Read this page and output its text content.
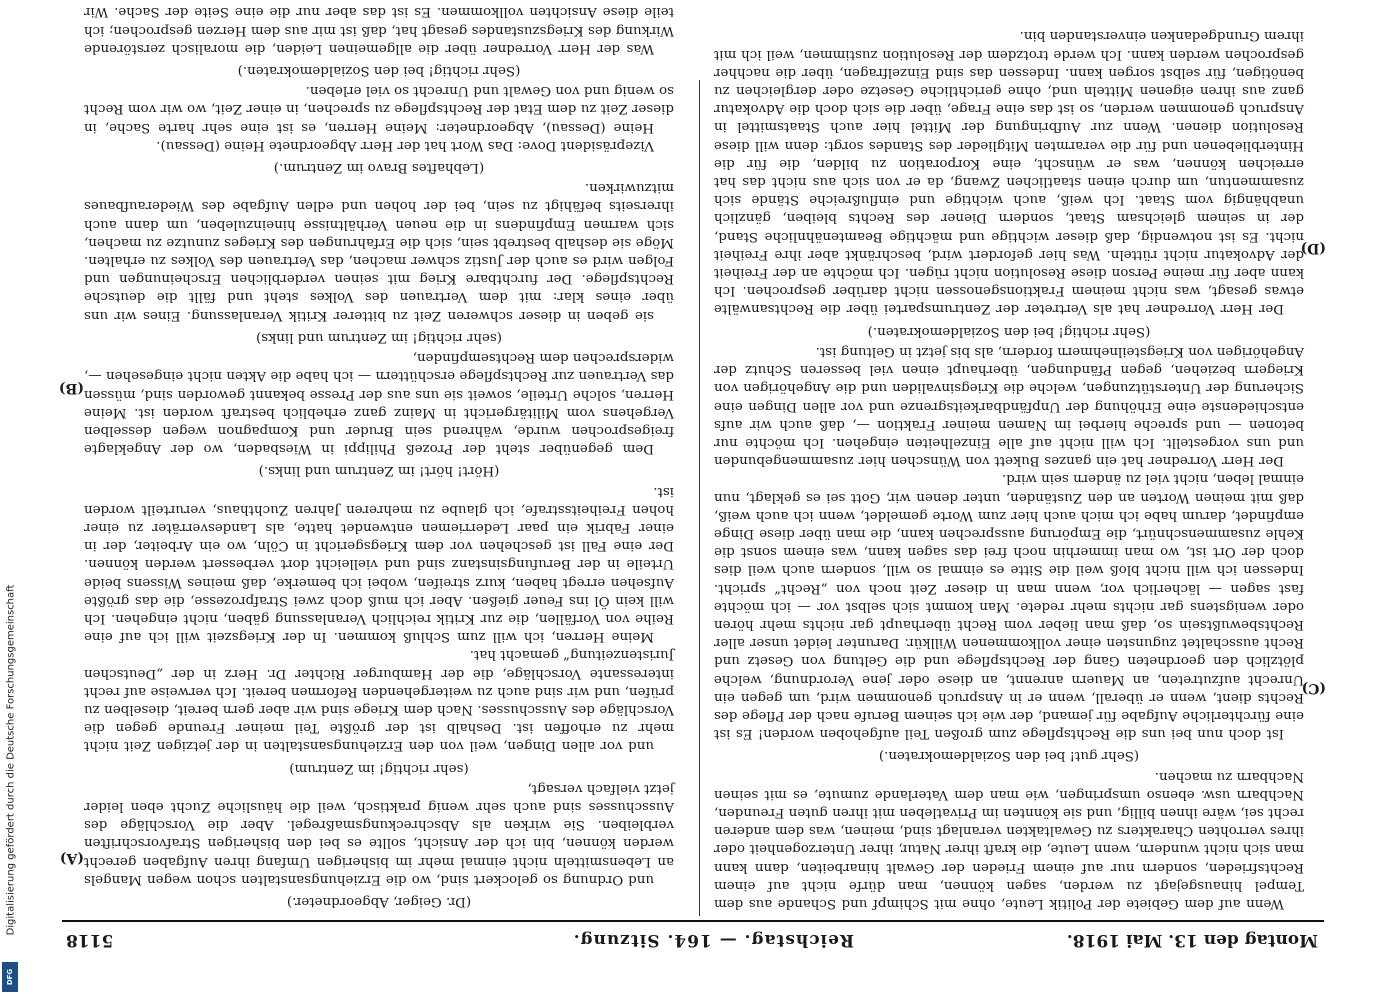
Digitalisierung gefördert durch die Deutsche Forschungsgemeinschaft
DFG
Montag den 13. Mai 1918.
Reichstag. — 164. Sitzung.
5118
(C)
(D)
(A)
(B)

Wenn auf dem Gebiete der Politik Leute, ohne mit Schimpf und Schande aus dem Tempel hinausgejagt zu werden, sagen können, man dürfe nicht auf einem Rechtsfrieden, sondern nur auf einem Frieden der Gewalt hinarbeiten, dann kann man sich nicht wundern, wenn Leute, die kraft ihrer Natur, ihrer Unterzogenheit oder ihres verrohten Charakters zu Gewaltakten veranlagt sind, meinen, was dem anderen recht sei, wäre ihnen billig, und sie könnten im Privatleben mit ihren guten Freunden, Nachbarn usw. ebenso umspringen, wie man dem Vaterlande zumute, es mit seinen Nachbarn zu machen.

(Sehr gut! bei den Sozialdemokraten.)

Ist doch nun bei uns die Rechtspflege zum großen Teil aufgehoben worden! Es ist eine fürchterliche Aufgabe für jemand, der wie ich seinem Berufe nach der Pflege des Rechts dient, wenn er überall, wenn er in Anspruch genommen wird, um gegen ein Unrecht aufzutreten, an Mauern anrennt, an diese oder jene Verordnung, welche plötzlich den geordneten Gang der Rechtspflege und die Geltung von Gesetz und Recht ausschaltet zugunsten einer vollkommenen Willkür. Darunter leidet unser aller Rechtsbewußtsein so, daß man lieber vom Recht überhaupt gar nichts mehr hören oder wenigstens gar nichts mehr redete. Man kommt sich selbst vor — ich möchte fast sagen — lächerlich vor, wenn man in dieser Zeit noch von „Recht“ spricht. Indessen ich will nicht bloß weil die Sitte es einmal so will, sondern auch weil dies doch der Ort ist, wo man immerhin noch frei das sagen kann, was einem sonst die Kehle zusammenschnürt, die Empörung aussprechen kann, die man über diese Dinge empfindet, darum habe ich mich auch hier zum Worte gemeldet, wenn ich auch weiß, daß mit meinen Worten an den Zuständen, unter denen wir, Gott sei es geklagt, nun einmal leben, nicht viel zu ändern sein wird.

Der Herr Vorredner hat ein ganzes Bukett von Wünschen hier zusammengebunden und uns vorgestellt. Ich will nicht auf alle Einzelheiten eingehen. Ich möchte nur betonen — und spreche hierbei im Namen meiner Fraktion —, daß auch wir aufs entschiedenste eine Erhöhung der Unpfändbarkeitsgrenze und vor allen Dingen eine Sicherung der Unterstützungen, welche die Kriegsinvaliden und die Angehörigen von Kriegern beziehen, gegen Pfändungen, überhaupt einen viel besseren Schutz der Angehörigen von Kriegsteilnehmern fordern, als bis jetzt in Geltung ist.

(Sehr richtig! bei den Sozialdemokraten.)

Der Herr Vorredner hat als Vertreter der Zentrumspartei über die Rechtsanwälte etwas gesagt, was nicht meinem Fraktionsgenossen nicht darüber gesprochen. Ich kann aber für meine Person diese Resolution nicht rügen. Ich möchte an der Freiheit der Advokatur nicht rütteln. Was hier gefordert wird, beschränkt aber ihre Freiheit nicht. Es ist notwendig, daß dieser wichtige und mächtige Beamtenähnliche Stand, der in seinem gleichsam Staat, sondern Diener des Rechts bleiben, gänzlich unabhängig vom Staat. Ich weiß, auch wichtige und einflußreiche Stände sich zusammentun, um durch einen staatlichen Zwang, da er von sich aus nicht das hat erreichen können, was er wünscht, eine Korporation zu bilden, die für die Hinterbliebenen und für die verarmten Mitglieder des Standes sorgt: denn will diese Resolution dienen. Wenn zur Aufbringung der Mittel hier auch Staatsmittel in Anspruch genommen werden, so ist das eine Frage, über die sich doch die Advokatur ganz aus ihren eigenen Mitteln und, ohne gerichtliche Gesetze oder dergleichen zu benötigen, für selbst sorgen kann. Indessen das sind Einzelfragen, über die nachher gesprochen werden kann. Ich werde trotzdem der Resolution zustimmen, weil ich mit ihrem Grundgedanken einverstanden bin.

(Dr. Geiger, Abgeordneter.)

und Ordnung so gelockert sind, wo die Erziehungsanstalten schon wegen Mangels an Lebensmitteln nicht einmal mehr im bisherigen Umfang ihren Aufgaben gerecht werden können, bin ich der Ansicht, sollte es bei den bisherigen Strafvorschriften verbleiben. Sie wirken als Abschreckungsmaßregel. Aber die Vorschläge des Ausschusses sind auch sehr wenig praktisch, weil die häusliche Zucht eben leider jetzt vielfach versagt,

(sehr richtig! im Zentrum)

und vor allen Dingen, weil von den Erziehungsanstalten in der jetzigen Zeit nicht mehr zu erhoffen ist. Deshalb ist der größte Teil meiner Freunde gegen die Vorschläge des Ausschusses. Nach dem Kriege sind wir aber gern bereit, dieselben zu prüfen, und wir sind auch zu weitergehenden Reformen bereit. Ich verweise auf recht interessante Vorschläge, die der Hamburger Richter Dr. Herz in der „Deutschen Juristenzeitung“ gemacht hat.

Meine Herren, ich will zum Schluß kommen. In der Kriegszeit will ich auf eine Reihe von Vorfällen, die zur Kritik reichlich Veranlassung gäben, nicht eingehen. Ich will kein Öl ins Feuer gießen. Aber ich muß doch zwei Strafprozesse, die das größte Aufsehen erregt haben, kurz streifen, wobei ich bemerke, daß meines Wissens beide Urteile in der Berufungsinstanz sind und vielleicht dort verbessert werden können. Der eine Fall ist geschehen vor dem Kriegsgericht in Cöln, wo ein Arbeiter, der in einer Fabrik ein paar Lederriemen entwendet hatte, als Landesverräter zu einer hohen Freiheitsstrafe, ich glaube zu mehreren Jahren Zuchthaus, verurteilt worden ist.

(Hört! hört! im Zentrum und links.)

Dem gegenüber steht der Prozeß Philippi in Wiesbaden, wo der Angeklagte freigesprochen wurde, während sein Bruder und Kompagnon wegen desselben Vergehens vom Militärgericht in Mainz ganz erheblich bestraft worden ist. Meine Herren, solche Urteile, soweit sie uns aus der Presse bekannt geworden sind, müssen das Vertrauen zur Rechtspflege erschüttern — ich habe die Akten nicht eingesehen —, widersprechen dem Rechtsempfinden,

(sehr richtig! im Zentrum und links)

sie geben in dieser schweren Zeit zu bitterer Kritik Veranlassung. Eines wir uns über eines klar: mit dem Vertrauen des Volkes steht und fällt die deutsche Rechtspflege. Der furchtbare Krieg mit seinen verderblichen Erscheinungen und Folgen wird es auch der Justiz schwer machen, das Vertrauen des Volkes zu erhalten. Möge sie deshalb bestrebt sein, sich die Erfahrungen des Krieges zunutze zu machen, sich warmen Empfindens in die neuen Verhältnisse hineinzuleben, um dann auch ihrerseits befähigt zu sein, bei der hohen und edlen Aufgabe des Wiederaufbaues mitzuwirken.

(Lebhaftes Bravo im Zentrum.)

Vizepräsident Dove: Das Wort hat der Herr Abgeordnete Heine (Dessau).

Heine (Dessau), Abgeordneter: Meine Herren, es ist eine sehr harte Sache, in dieser Zeit zu dem Etat der Rechtspflege zu sprechen, in einer Zeit, wo wir vom Recht so wenig und von Gewalt und Unrecht so viel erleben.

(Sehr richtig! bei den Sozialdemokraten.)

Was der Herr Vorredner über die allgemeinen Leiden, die moralisch zerstörende Wirkung des Kriegszustandes gesagt hat, daß ist mir aus dem Herzen gesprochen; ich teile diese Ansichten vollkommen. Es ist das aber nur die eine Seite der Sache. Wir
